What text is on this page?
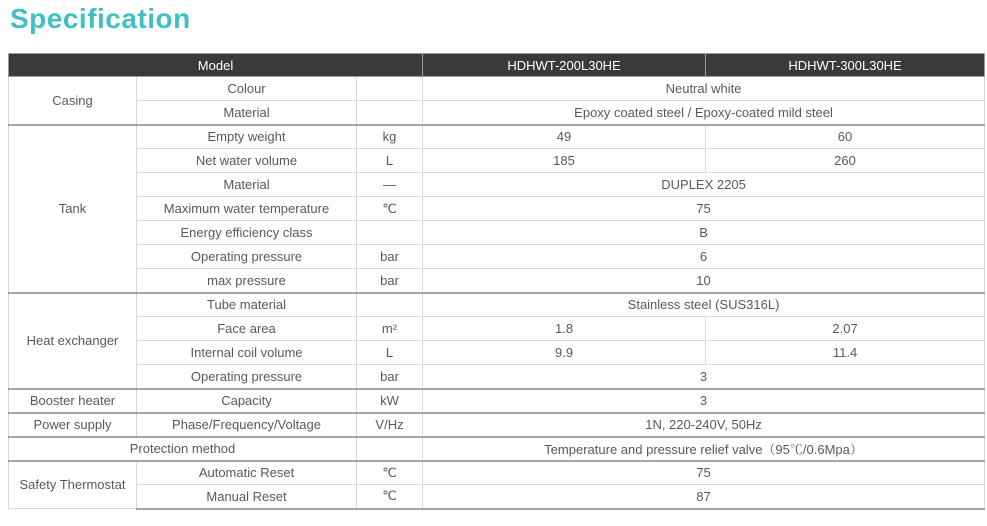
Specification
Model			HDHWT-200L30HE	HDHWT-300L30HE
Casing	Colour		Neutral white	
	Material		Epoxy coated steel / Epoxy-coated mild steel	
Tank	Empty weight	kg	49	60
	Net water volume	L	185	260
	Material	—	DUPLEX 2205	
	Maximum water temperature	℃	75	
	Energy efficiency class		B	
	Operating pressure	bar	6	
	max pressure	bar	10	
Heat exchanger	Tube material		Stainless steel (SUS316L)	
	Face area	m²	1.8	2.07
	Internal coil volume	L	9.9	11.4
	Operating pressure	bar	3	
Booster heater	Capacity	kW	3	
Power supply	Phase/Frequency/Voltage	V/Hz	1N, 220-240V, 50Hz	
Protection method			Temperature and pressure relief valve（95℃/0.6Mpa）	
Safety Thermostat	Automatic Reset	℃	75	
	Manual Reset	℃	87	
